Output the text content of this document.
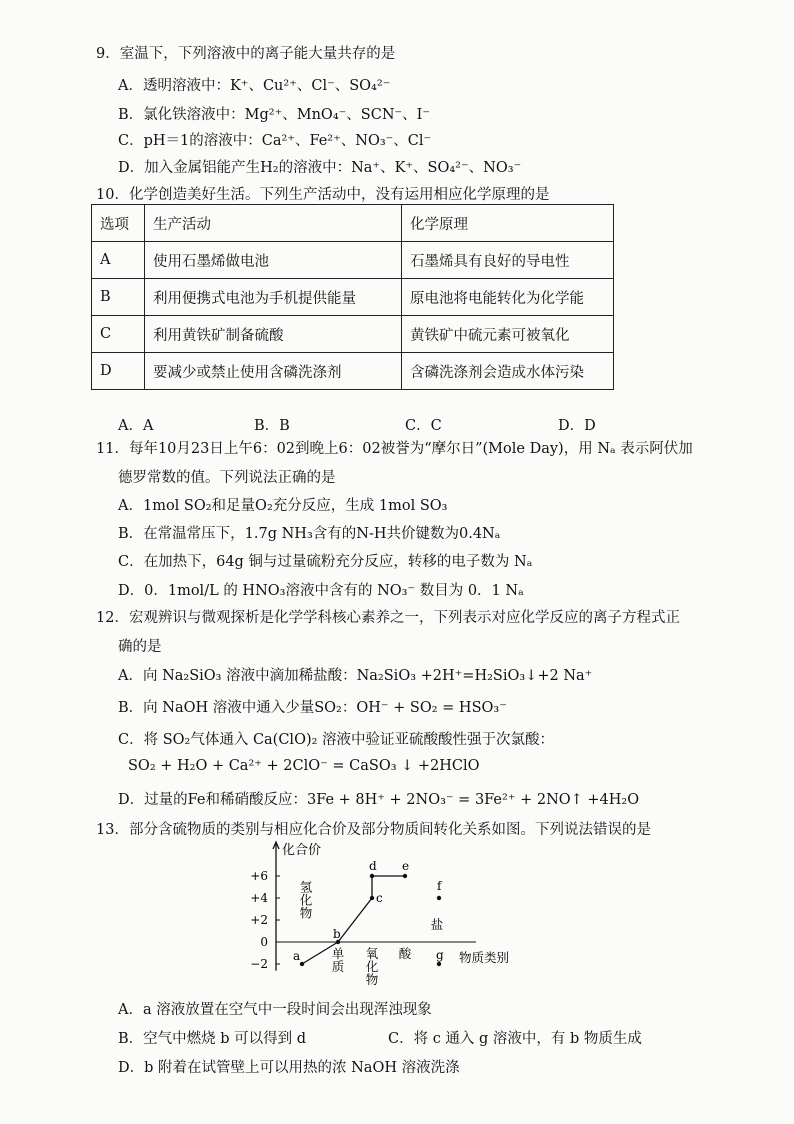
9．室温下，下列溶液中的离子能大量共存的是
A．透明溶液中：K⁺、Cu²⁺、Cl⁻、SO₄²⁻
B．氯化铁溶液中：Mg²⁺、MnO₄⁻、SCN⁻、I⁻
C．pH＝1的溶液中：Ca²⁺、Fe²⁺、NO₃⁻、Cl⁻
D．加入金属铝能产生H₂的溶液中：Na⁺、K⁺、SO₄²⁻、NO₃⁻
10．化学创造美好生活。下列生产活动中，没有运用相应化学原理的是
选项	生产活动	化学原理
A	使用石墨烯做电池	石墨烯具有良好的导电性
B	利用便携式电池为手机提供能量	原电池将电能转化为化学能
C	利用黄铁矿制备硫酸	黄铁矿中硫元素可被氧化
D	要减少或禁止使用含磷洗涤剂	含磷洗涤剂会造成水体污染
A．A	B．B	C．C	D．D
11．每年10月23日上午6：02到晚上6：02被誉为“摩尔日”(Mole Day)，用 Nₐ 表示阿伏加
德罗常数的值。下列说法正确的是
A．1mol SO₂和足量O₂充分反应，生成 1mol SO₃
B．在常温常压下，1.7g NH₃含有的N-H共价键数为0.4Nₐ
C．在加热下，64g 铜与过量硫粉充分反应，转移的电子数为 Nₐ
D．0．1mol/L 的 HNO₃溶液中含有的 NO₃⁻ 数目为 0．1 Nₐ
12．宏观辨识与微观探析是化学学科核心素养之一，下列表示对应化学反应的离子方程式正
确的是
A．向 Na₂SiO₃ 溶液中滴加稀盐酸：Na₂SiO₃ +2H⁺=H₂SiO₃↓+2 Na⁺
B．向 NaOH 溶液中通入少量SO₂：OH⁻ + SO₂ = HSO₃⁻
C．将 SO₂气体通入 Ca(ClO)₂ 溶液中验证亚硫酸酸性强于次氯酸：
SO₂ + H₂O + Ca²⁺ + 2ClO⁻ = CaSO₃ ↓ +2HClO
D．过量的Fe和稀硝酸反应：3Fe + 8H⁺ + 2NO₃⁻ = 3Fe²⁺ + 2NO↑ +4H₂O
13．部分含硫物质的类别与相应化合价及部分物质间转化关系如图。下列说法错误的是
化合价
+6
+4
+2
0
−2
氢
化
物
单
质
氧
化
物
酸
盐
物质类别
a
b
c
d e
f
g
A．a 溶液放置在空气中一段时间会出现浑浊现象
B．空气中燃烧 b 可以得到 d	C．将 c 通入 g 溶液中，有 b 物质生成
D．b 附着在试管壁上可以用热的浓 NaOH 溶液洗涤
